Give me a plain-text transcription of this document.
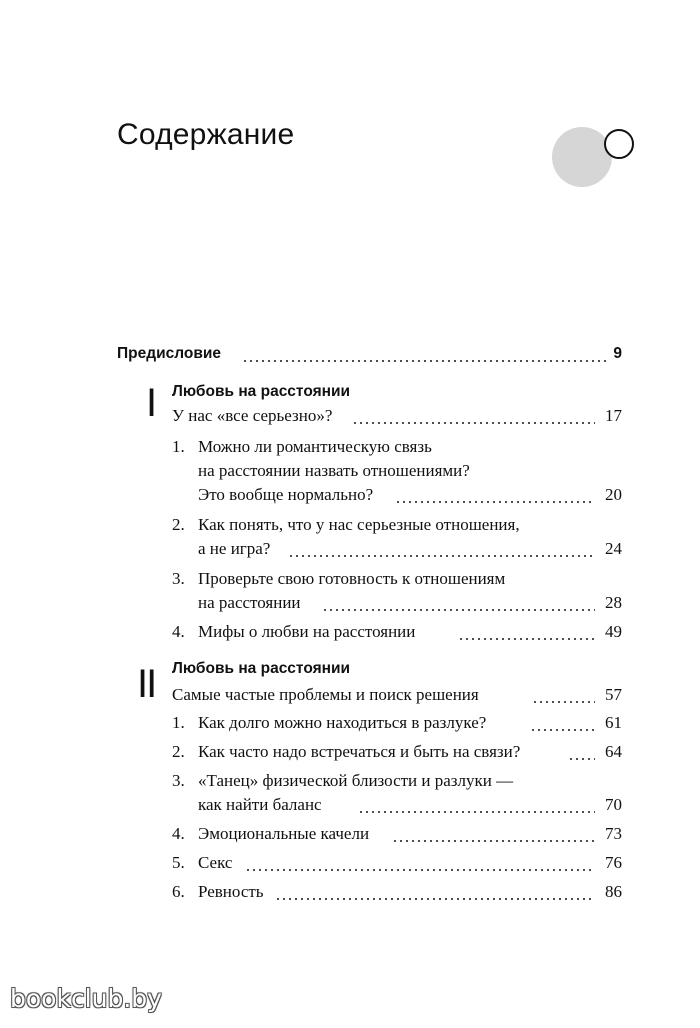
Содержание
Предисловие	9
I Любовь на расстоянии
У нас «все серьезно»?	17
1. Можно ли романтическую связь
на расстоянии назвать отношениями?
Это вообще нормально?	20
2. Как понять, что у нас серьезные отношения,
а не игра?	24
3. Проверьте свою готовность к отношениям
на расстоянии	28
4. Мифы о любви на расстоянии	49
II Любовь на расстоянии
Самые частые проблемы и поиск решения	57
1. Как долго можно находиться в разлуке?	61
2. Как часто надо встречаться и быть на связи?	64
3. «Танец» физической близости и разлуки —
как найти баланс	70
4. Эмоциональные качели	73
5. Секс	76
6. Ревность	86
bookclub.by
